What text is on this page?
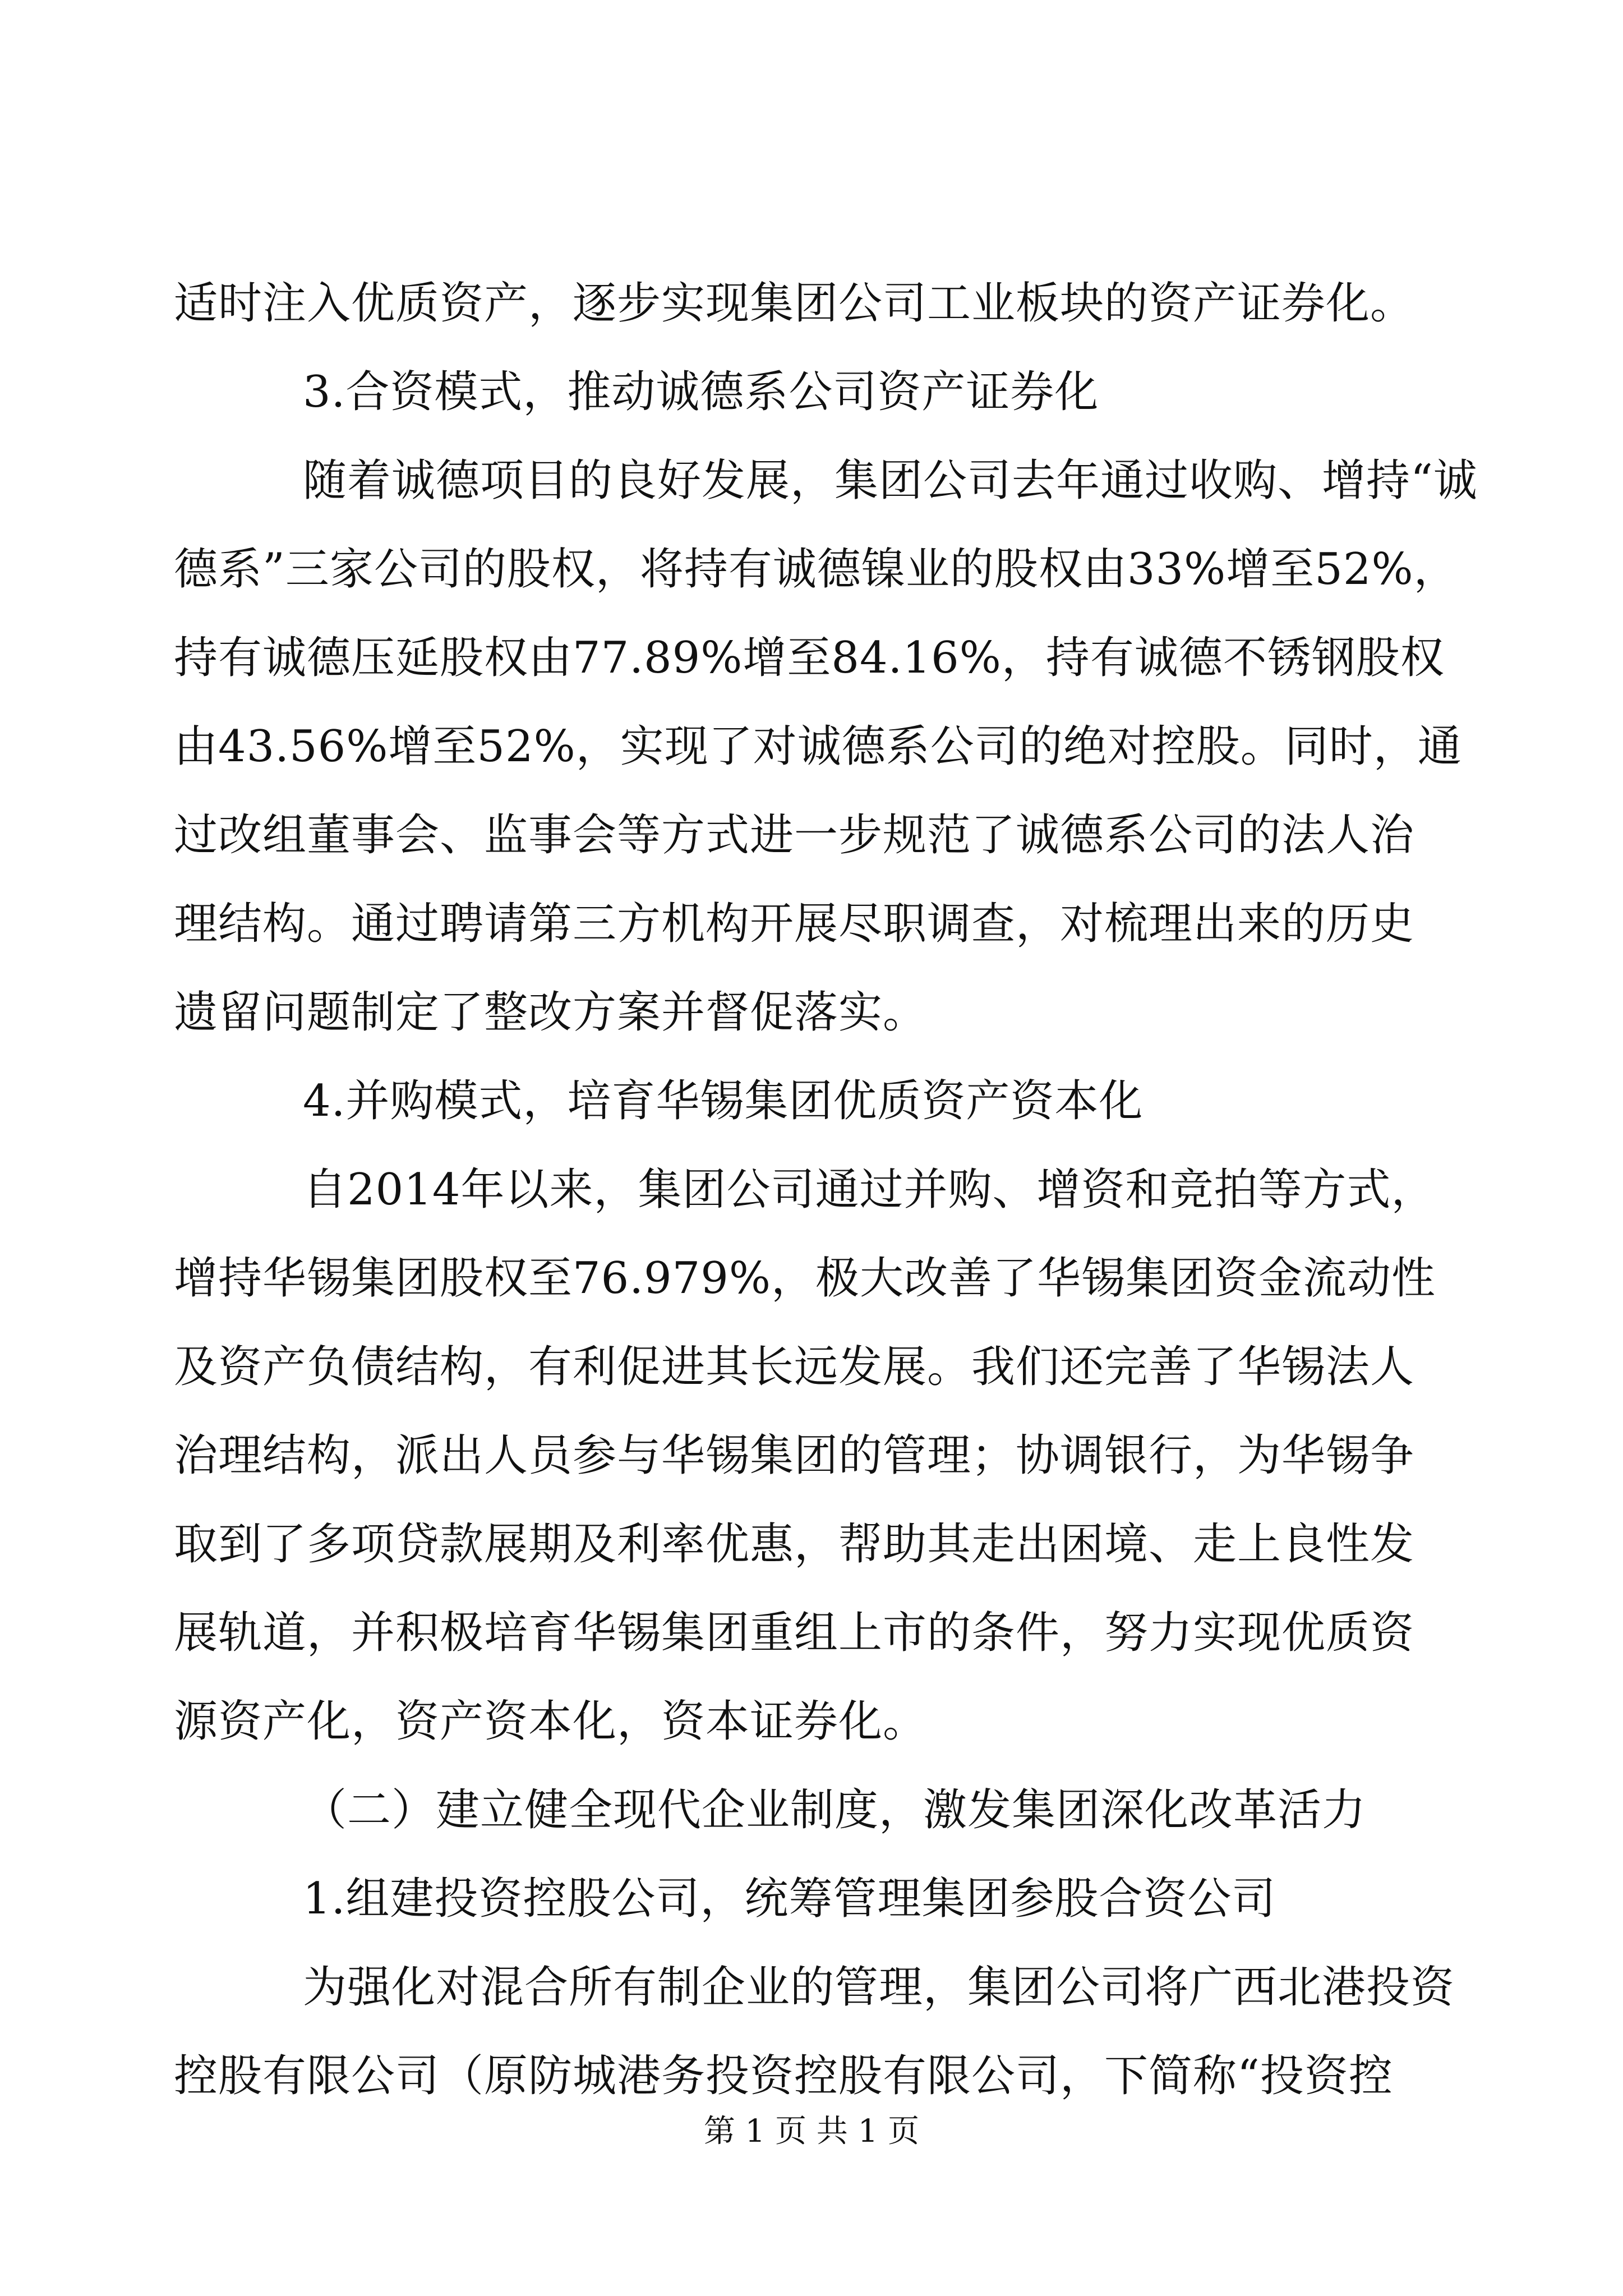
适时注入优质资产，逐步实现集团公司工业板块的资产证券化。
3.合资模式，推动诚德系公司资产证券化
随着诚德项目的良好发展，集团公司去年通过收购、增持“诚
德系”三家公司的股权，将持有诚德镍业的股权由33%增至52%，
持有诚德压延股权由77.89%增至84.16%，持有诚德不锈钢股权
由43.56%增至52%，实现了对诚德系公司的绝对控股。同时，通
过改组董事会、监事会等方式进一步规范了诚德系公司的法人治
理结构。通过聘请第三方机构开展尽职调查，对梳理出来的历史
遗留问题制定了整改方案并督促落实。
4.并购模式，培育华锡集团优质资产资本化
自2014年以来，集团公司通过并购、增资和竞拍等方式，
增持华锡集团股权至76.979%，极大改善了华锡集团资金流动性
及资产负债结构，有利促进其长远发展。我们还完善了华锡法人
治理结构，派出人员参与华锡集团的管理；协调银行，为华锡争
取到了多项贷款展期及利率优惠，帮助其走出困境、走上良性发
展轨道，并积极培育华锡集团重组上市的条件，努力实现优质资
源资产化，资产资本化，资本证券化。
（二）建立健全现代企业制度，激发集团深化改革活力
1.组建投资控股公司，统筹管理集团参股合资公司
为强化对混合所有制企业的管理，集团公司将广西北港投资
控股有限公司（原防城港务投资控股有限公司，下简称“投资控
第 1 页 共 1 页
